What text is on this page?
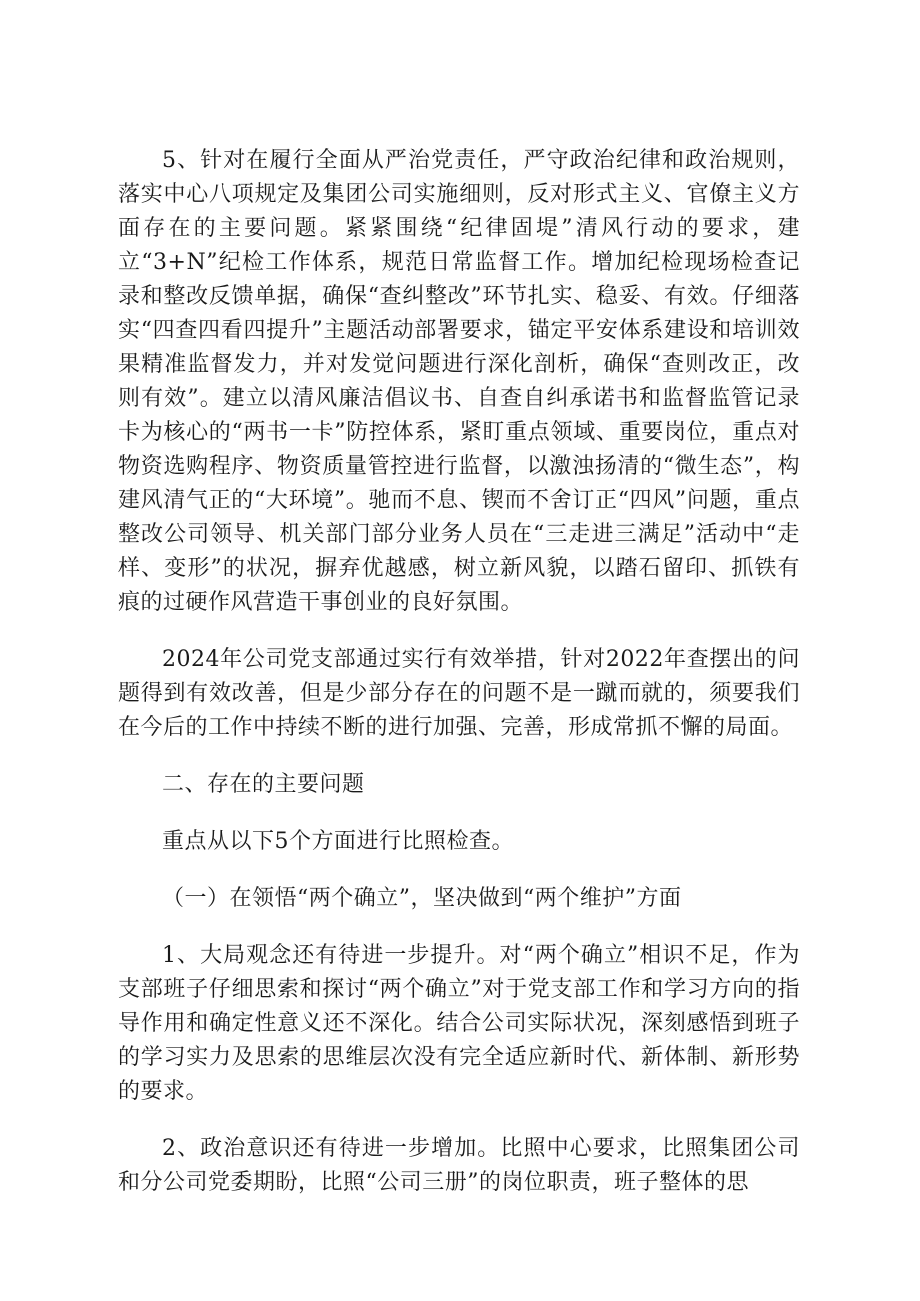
5、针对在履行全面从严治党责任，严守政治纪律和政治规则，落实中心八项规定及集团公司实施细则，反对形式主义、官僚主义方面存在的主要问题。紧紧围绕“纪律固堤”清风行动的要求，建立“3+N”纪检工作体系，规范日常监督工作。增加纪检现场检查记录和整改反馈单据，确保“查纠整改”环节扎实、稳妥、有效。仔细落实“四查四看四提升”主题活动部署要求，锚定平安体系建设和培训效果精准监督发力，并对发觉问题进行深化剖析，确保“查则改正，改则有效”。建立以清风廉洁倡议书、自查自纠承诺书和监督监管记录卡为核心的“两书一卡”防控体系，紧盯重点领域、重要岗位，重点对物资选购程序、物资质量管控进行监督，以激浊扬清的“微生态”，构建风清气正的“大环境”。驰而不息、锲而不舍订正“四风”问题，重点整改公司领导、机关部门部分业务人员在“三走进三满足”活动中“走样、变形”的状况，摒弃优越感，树立新风貌，以踏石留印、抓铁有痕的过硬作风营造干事创业的良好氛围。

2024年公司党支部通过实行有效举措，针对2022年查摆出的问题得到有效改善，但是少部分存在的问题不是一蹴而就的，须要我们在今后的工作中持续不断的进行加强、完善，形成常抓不懈的局面。

二、存在的主要问题

重点从以下5个方面进行比照检查。

（一）在领悟“两个确立”，坚决做到“两个维护”方面

1、大局观念还有待进一步提升。对“两个确立”相识不足，作为支部班子仔细思索和探讨“两个确立”对于党支部工作和学习方向的指导作用和确定性意义还不深化。结合公司实际状况，深刻感悟到班子的学习实力及思索的思维层次没有完全适应新时代、新体制、新形势的要求。

2、政治意识还有待进一步增加。比照中心要求，比照集团公司和分公司党委期盼，比照“公司三册”的岗位职责，班子整体的思
